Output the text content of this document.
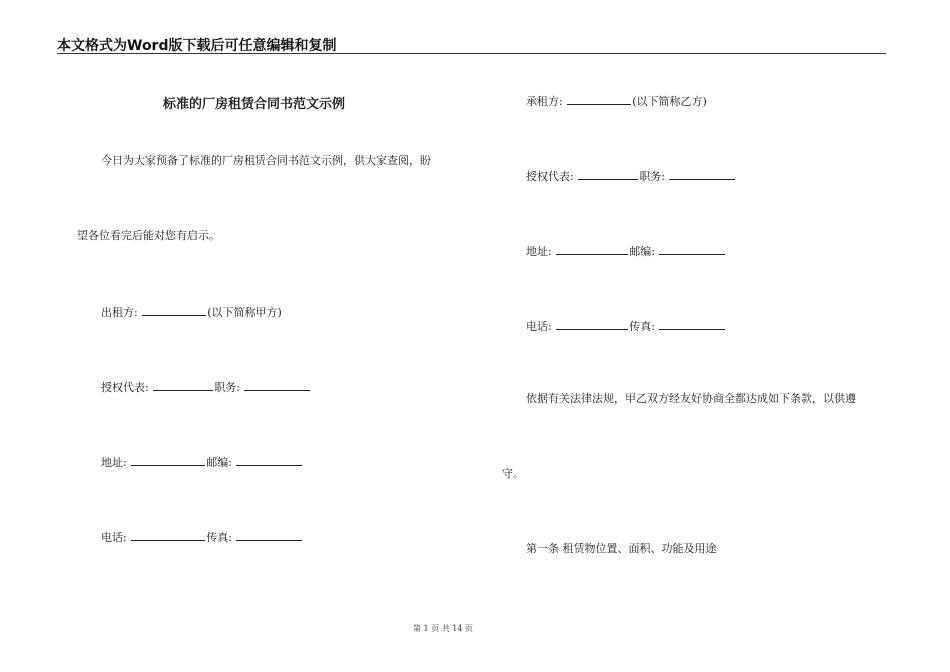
本文格式为Word版下载后可任意编辑和复制
标准的厂房租赁合同书范文示例
今日为大家预备了标准的厂房租赁合同书范文示例，供大家查阅，盼
望各位看完后能对您有启示。
出租方:	(以下简称甲方)
授权代表:	职务:
地址:	邮编:
电话:	传真:
承租方:	(以下简称乙方)
授权代表:	职务:
地址:	邮编:
电话:	传真:
依据有关法律法规，甲乙双方经友好协商全都达成如下条款，以供遵
守。
第一条 租赁物位置、面积、功能及用途
第 1 页 共 14 页
